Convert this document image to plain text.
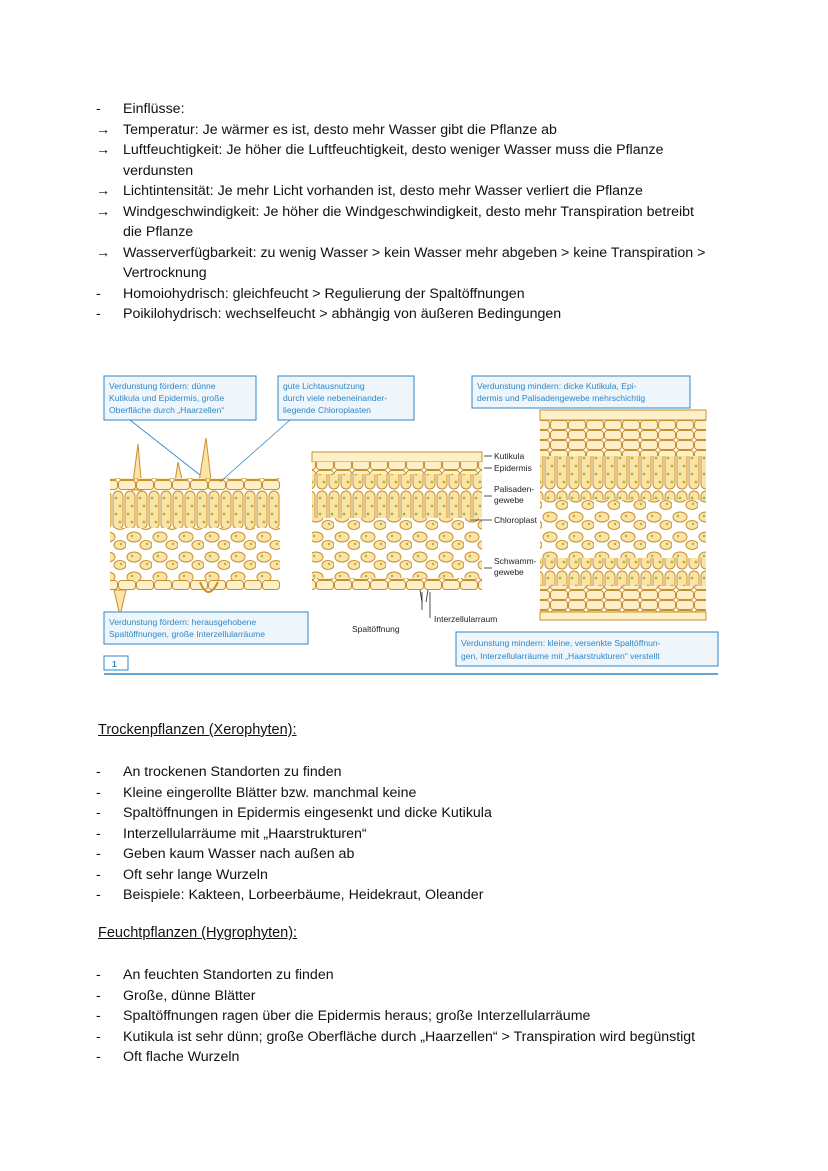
-	Einflüsse:
→ Temperatur: Je wärmer es ist, desto mehr Wasser gibt die Pflanze ab
→ Luftfeuchtigkeit: Je höher die Luftfeuchtigkeit, desto weniger Wasser muss die Pflanze verdunsten
→ Lichtintensität: Je mehr Licht vorhanden ist, desto mehr Wasser verliert die Pflanze
→ Windgeschwindigkeit: Je höher die Windgeschwindigkeit, desto mehr Transpiration betreibt die Pflanze
→ Wasserverfügbarkeit: zu wenig Wasser > kein Wasser mehr abgeben > keine Transpiration > Vertrocknung
-	Homoiohydrisch: gleichfeucht > Regulierung der Spaltöffnungen
-	Poikilohydrisch: wechselfeucht > abhängig von äußeren Bedingungen
Verdunstung fördern: dünne
Kutikula und Epidermis, große
Oberfläche durch „Haarzellen“
gute Lichtausnutzung
durch viele nebeneinander-
liegende Chloroplasten
Verdunstung mindern: dicke Kutikula, Epi-
dermis und Palisadengewebe mehrschichtig
Verdunstung fördern: herausgehobene
Spaltöffnungen, große Interzellularräume
Verdunstung mindern: kleine, versenkte Spaltöffnun-
gen, Interzellularräume mit „Haarstrukturen“ verstellt
Kutikula
Epidermis
Palisaden-
gewebe
Chloroplast
Schwamm-
gewebe
Interzellularraum
Spaltöffnung
1
Trockenpflanzen (Xerophyten):
-	An trockenen Standorten zu finden
-	Kleine eingerollte Blätter bzw. manchmal keine
-	Spaltöffnungen in Epidermis eingesenkt und dicke Kutikula
-	Interzellularräume mit „Haarstrukturen“
-	Geben kaum Wasser nach außen ab
-	Oft sehr lange Wurzeln
-	Beispiele: Kakteen, Lorbeerbäume, Heidekraut, Oleander
Feuchtpflanzen (Hygrophyten):
-	An feuchten Standorten zu finden
-	Große, dünne Blätter
-	Spaltöffnungen ragen über die Epidermis heraus; große Interzellularräume
-	Kutikula ist sehr dünn; große Oberfläche durch „Haarzellen“ > Transpiration wird begünstigt
-	Oft flache Wurzeln
